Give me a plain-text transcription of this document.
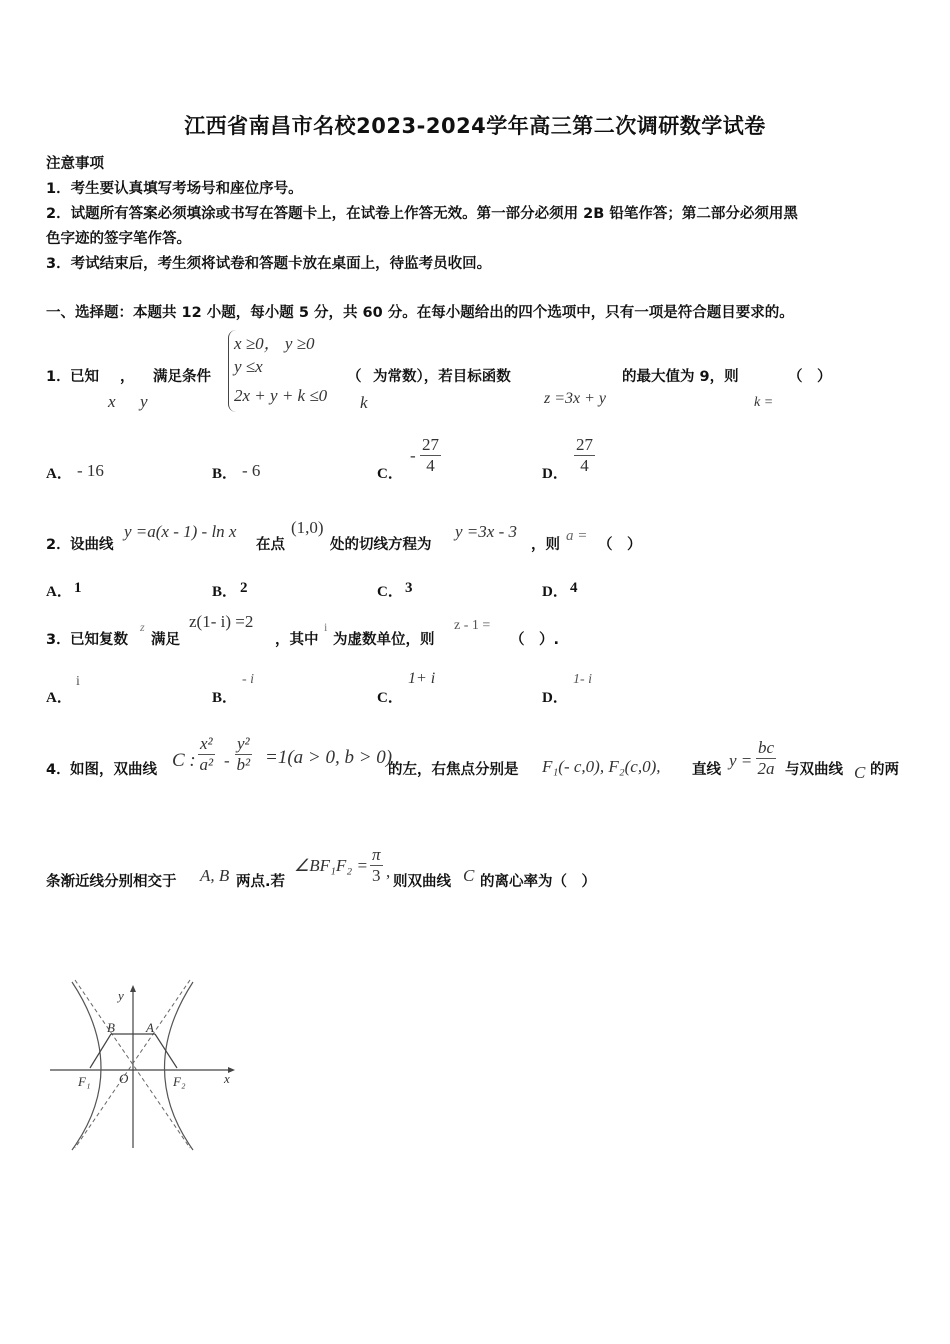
江西省南昌市名校2023-2024学年高三第二次调研数学试卷
注意事项
1．考生要认真填写考场号和座位序号。
2．试题所有答案必须填涂或书写在答题卡上，在试卷上作答无效。第一部分必须用 2B 铅笔作答；第二部分必须用黑
色字迹的签字笔作答。
3．考试结束后，考生须将试卷和答题卡放在桌面上，待监考员收回。
一、选择题：本题共 12 小题，每小题 5 分，共 60 分。在每小题给出的四个选项中，只有一项是符合题目要求的。
1． 已知 ， 满足条件
x y
x ≥0， y ≥0
y ≤x
2x + y + k ≤0
（ 为常数），若目标函数
k	z =3x + y
的最大值为 9，则	（　）
k =
A． - 16	B． - 6	C．
- $\frac{27}{4}$	D． $\frac{27}{4}$
2． 设曲线
y =a(x - 1) - ln x
在点
(1,0)
处的切线方程为
y =3x - 3
，则
a =
（　）
A． 1	B． 2	C． 3	D． 4
3． 已知复数
z
满足
z(1- i) =2
，其中
i
为虚数单位，则
z - 1 =
（　）.
A．
i
B．
- i
C．
1+ i
D．
1- i
4． 如图，双曲线 C : $\frac{\text{x²}}{\text{a²}} - \frac{\text{y²}}{\text{b²}} =1(a > 0$, b > 0)
的左，右焦点分别是 F₁(- c,0), F₂(c,0), 直线 $y = \frac{bc}{2a}$ 与双曲线 C 的两
条渐近线分别相交于 A, B 两点.若
∠BF₁F₂ = $\frac{\pi}{3}$ ,
则双曲线 C 的离心率为（　）
y
x
B A
O
F₁	F₂
